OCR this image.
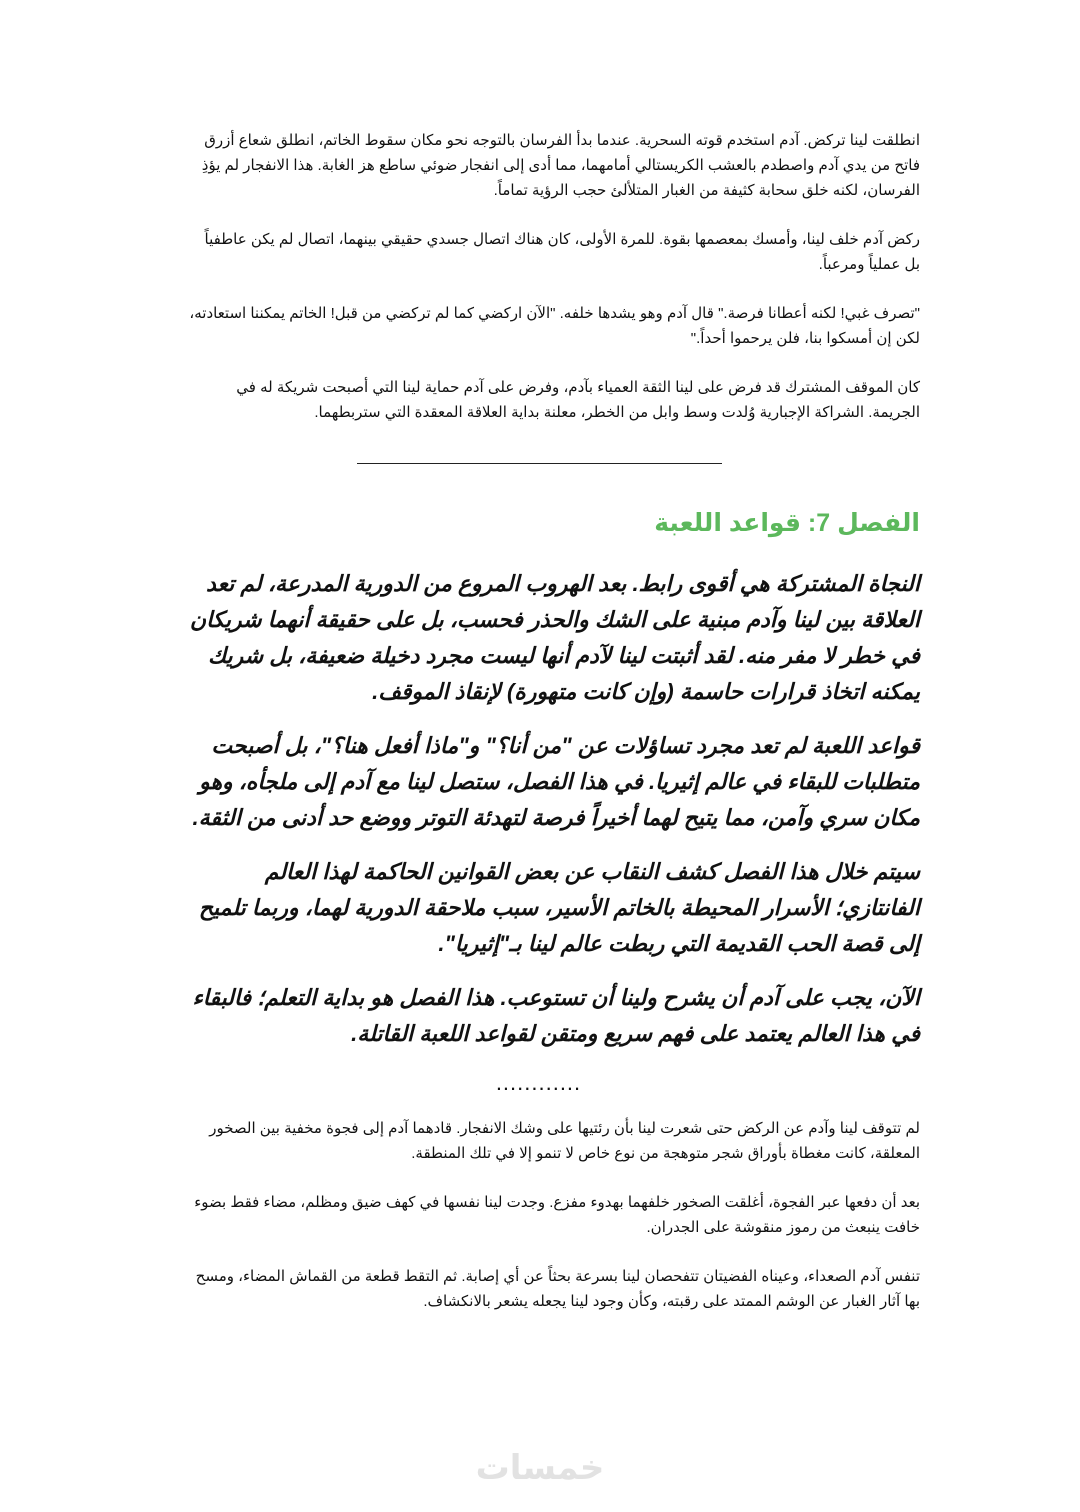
انطلقت لينا تركض. آدم استخدم قوته السحرية. عندما بدأ الفرسان بالتوجه نحو مكان سقوط الخاتم، انطلق شعاع أزرق فاتح من يدي آدم واصطدم بالعشب الكريستالي أمامهما، مما أدى إلى انفجار ضوئي ساطع هز الغابة. هذا الانفجار لم يؤذِ الفرسان، لكنه خلق سحابة كثيفة من الغبار المتلألئ حجب الرؤية تماماً.

ركض آدم خلف لينا، وأمسك بمعصمها بقوة. للمرة الأولى، كان هناك اتصال جسدي حقيقي بينهما، اتصال لم يكن عاطفياً بل عملياً ومرعباً.

"تصرف غبي! لكنه أعطانا فرصة." قال آدم وهو يشدها خلفه. "الآن اركضي كما لم تركضي من قبل! الخاتم يمكننا استعادته، لكن إن أمسكوا بنا، فلن يرحموا أحداً."

كان الموقف المشترك قد فرض على لينا الثقة العمياء بآدم، وفرض على آدم حماية لينا التي أصبحت شريكة له في الجريمة. الشراكة الإجبارية وُلدت وسط وابل من الخطر، معلنة بداية العلاقة المعقدة التي ستربطهما.

الفصل 7: قواعد اللعبة

النجاة المشتركة هي أقوى رابط. بعد الهروب المروع من الدورية المدرعة، لم تعد العلاقة بين لينا وآدم مبنية على الشك والحذر فحسب، بل على حقيقة أنهما شريكان في خطر لا مفر منه. لقد أثبتت لينا لآدم أنها ليست مجرد دخيلة ضعيفة، بل شريك يمكنه اتخاذ قرارات حاسمة (وإن كانت متهورة) لإنقاذ الموقف.

قواعد اللعبة لم تعد مجرد تساؤلات عن "من أنا؟" و"ماذا أفعل هنا؟"، بل أصبحت متطلبات للبقاء في عالم إثيريا. في هذا الفصل، ستصل لينا مع آدم إلى ملجأه، وهو مكان سري وآمن، مما يتيح لهما أخيراً فرصة لتهدئة التوتر ووضع حد أدنى من الثقة.

سيتم خلال هذا الفصل كشف النقاب عن بعض القوانين الحاكمة لهذا العالم الفانتازي؛ الأسرار المحيطة بالخاتم الأسير، سبب ملاحقة الدورية لهما، وربما تلميح إلى قصة الحب القديمة التي ربطت عالم لينا بـ"إثيريا".

الآن، يجب على آدم أن يشرح ولينا أن تستوعب. هذا الفصل هو بداية التعلم؛ فالبقاء في هذا العالم يعتمد على فهم سريع ومتقن لقواعد اللعبة القاتلة.

............

لم تتوقف لينا وآدم عن الركض حتى شعرت لينا بأن رئتيها على وشك الانفجار. قادهما آدم إلى فجوة مخفية بين الصخور المعلقة، كانت مغطاة بأوراق شجر متوهجة من نوع خاص لا تنمو إلا في تلك المنطقة.

بعد أن دفعها عبر الفجوة، أغلقت الصخور خلفهما بهدوء مفزع. وجدت لينا نفسها في كهف ضيق ومظلم، مضاء فقط بضوء خافت ينبعث من رموز منقوشة على الجدران.

تنفس آدم الصعداء، وعيناه الفضيتان تتفحصان لينا بسرعة بحثاً عن أي إصابة. ثم التقط قطعة من القماش المضاء، ومسح بها آثار الغبار عن الوشم الممتد على رقبته، وكأن وجود لينا يجعله يشعر بالانكشاف.

خمسات
